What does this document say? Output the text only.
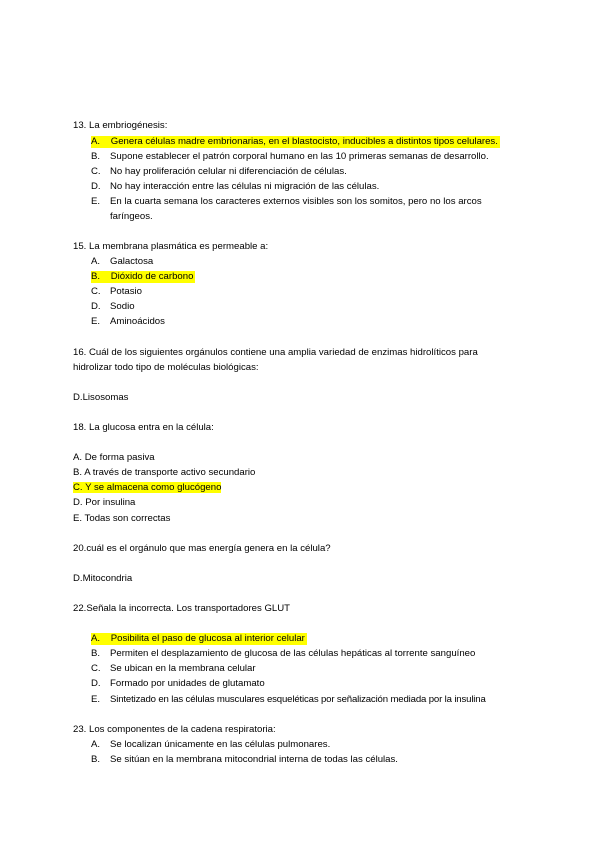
13. La embriogénesis:
A. Genera células madre embrionarias, en el blastocisto, inducibles a distintos tipos celulares.
B. Supone establecer el patrón corporal humano en las 10 primeras semanas de desarrollo.
C. No hay proliferación celular ni diferenciación de células.
D. No hay interacción entre las células ni migración de las células.
E. En la cuarta semana los caracteres externos visibles son los somitos, pero no los arcos
faríngeos.
15. La membrana plasmática es permeable a:
A. Galactosa
B. Dióxido de carbono
C. Potasio
D. Sodio
E. Aminoácidos
16. Cuál de los siguientes orgánulos contiene una amplia variedad de enzimas hidrolíticos para
hidrolizar todo tipo de moléculas biológicas:
D.Lisosomas
18. La glucosa entra en la célula:
A. De forma pasiva
B. A través de transporte activo secundario
C. Y se almacena como glucógeno
D. Por insulina
E. Todas son correctas
20.cuál es el orgánulo que mas energía genera en la célula?
D.Mitocondria
22.Señala la incorrecta. Los transportadores GLUT
A. Posibilita el paso de glucosa al interior celular
B. Permiten el desplazamiento de glucosa de las células hepáticas al torrente sanguíneo
C. Se ubican en la membrana celular
D. Formado por unidades de glutamato
E. Sintetizado en las células musculares esqueléticas por señalización mediada por la insulina
23. Los componentes de la cadena respiratoria:
A. Se localizan únicamente en las células pulmonares.
B. Se sitúan en la membrana mitocondrial interna de todas las células.
